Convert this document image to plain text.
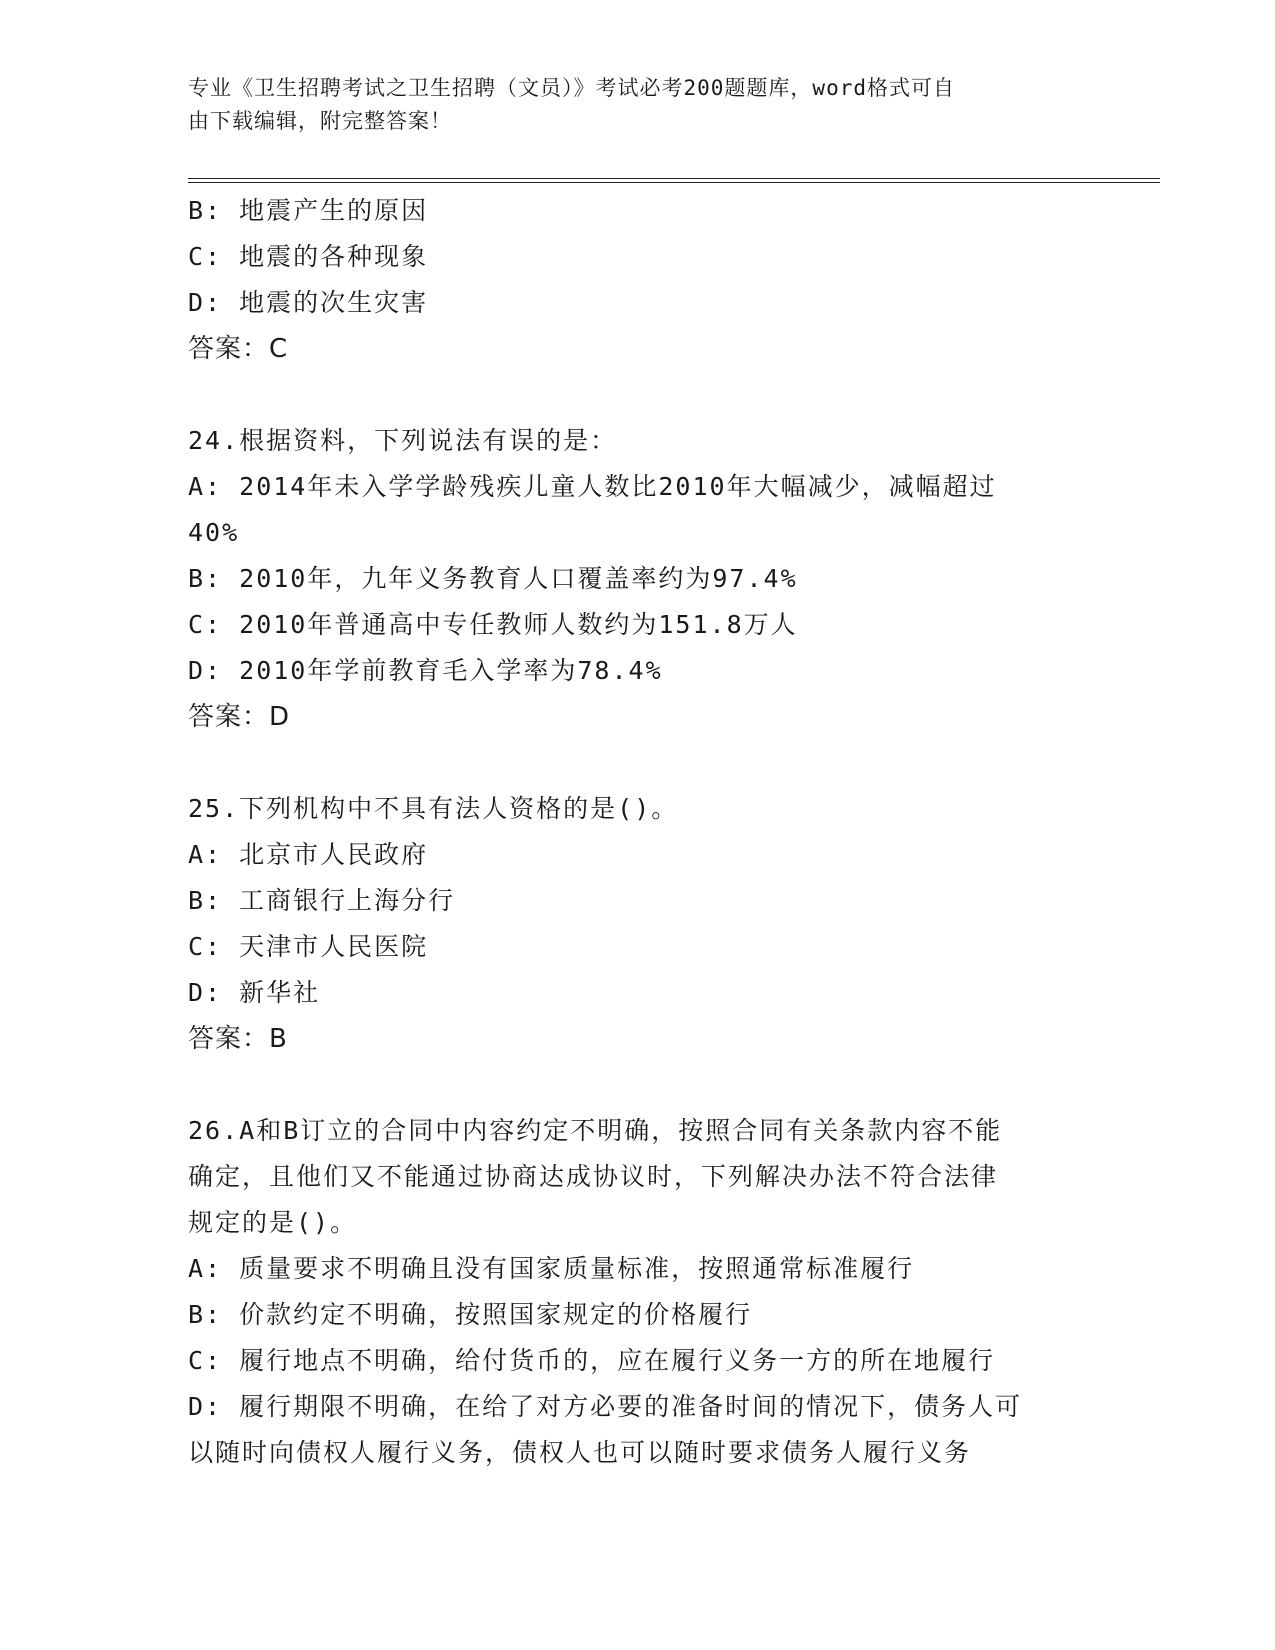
专业《卫生招聘考试之卫生招聘（文员）》考试必考200题题库，word格式可自
由下载编辑，附完整答案！
B: 地震产生的原因
C: 地震的各种现象
D: 地震的次生灾害
答案：C
24.根据资料，下列说法有误的是：
A: 2014年未入学学龄残疾儿童人数比2010年大幅减少，减幅超过
40%
B: 2010年，九年义务教育人口覆盖率约为97.4%
C: 2010年普通高中专任教师人数约为151.8万人
D: 2010年学前教育毛入学率为78.4%
答案：D
25.下列机构中不具有法人资格的是()。
A: 北京市人民政府
B: 工商银行上海分行
C: 天津市人民医院
D: 新华社
答案：B
26.A和B订立的合同中内容约定不明确，按照合同有关条款内容不能
确定，且他们又不能通过协商达成协议时，下列解决办法不符合法律
规定的是()。
A: 质量要求不明确且没有国家质量标准，按照通常标准履行
B: 价款约定不明确，按照国家规定的价格履行
C: 履行地点不明确，给付货币的，应在履行义务一方的所在地履行
D: 履行期限不明确，在给了对方必要的准备时间的情况下，债务人可
以随时向债权人履行义务，债权人也可以随时要求债务人履行义务
